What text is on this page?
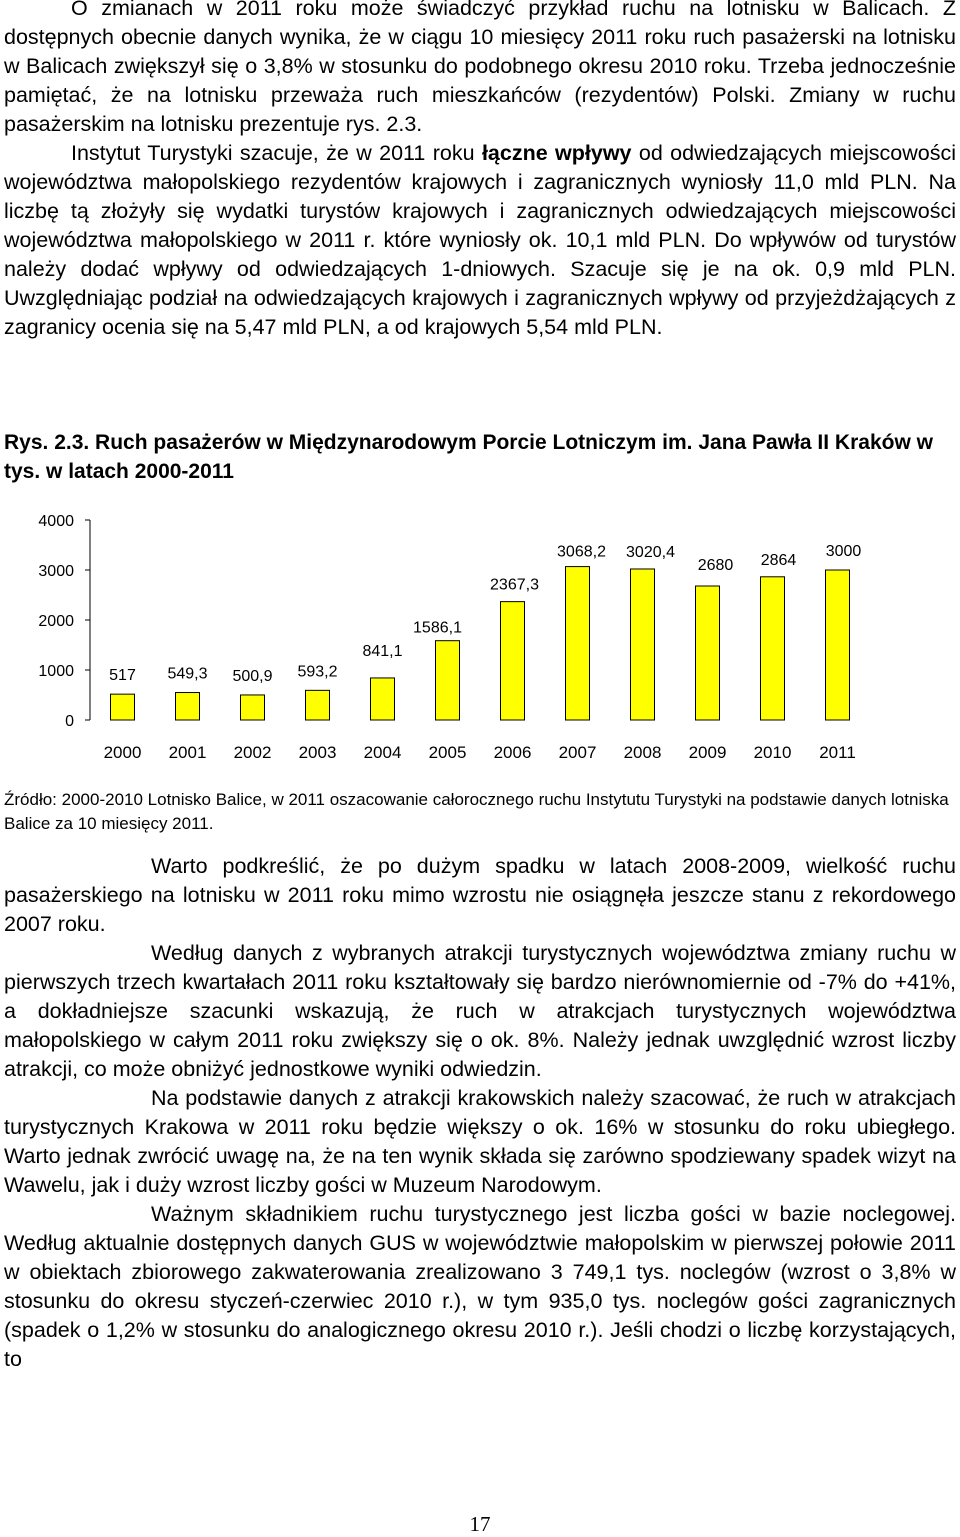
O zmianach w 2011 roku może świadczyć przykład ruchu na lotnisku w Balicach. Z dostępnych obecnie danych wynika, że w ciągu 10 miesięcy 2011 roku ruch pasażerski na lotnisku w Balicach zwiększył się o 3,8% w stosunku do podobnego okresu 2010 roku. Trzeba jednocześnie pamiętać, że na lotnisku przeważa ruch mieszkańców (rezydentów) Polski. Zmiany w ruchu pasażerskim na lotnisku prezentuje rys. 2.3.

Instytut Turystyki szacuje, że w 2011 roku łączne wpływy od odwiedzających miejscowości województwa małopolskiego rezydentów krajowych i zagranicznych wyniosły 11,0 mld PLN. Na liczbę tą złożyły się wydatki turystów krajowych i zagranicznych odwiedzających miejscowości województwa małopolskiego w 2011 r. które wyniosły ok. 10,1 mld PLN. Do wpływów od turystów należy dodać wpływy od odwiedzających 1-dniowych. Szacuje się je na ok. 0,9 mld PLN. Uwzględniając podział na odwiedzających krajowych i zagranicznych wpływy od przyjeżdżających z zagranicy ocenia się na 5,47 mld PLN, a od krajowych 5,54 mld PLN.

Rys. 2.3. Ruch pasażerów w Międzynarodowym Porcie Lotniczym im. Jana Pawła II Kraków w tys. w latach 2000-2011

0
1000
2000
3000
4000
517 549,3 500,9 593,2
841,1
1586,1
2367,3
3068,2 3020,4
2680 2864
3000
2000 2001 2002 2003 2004 2005 2006 2007 2008 2009 2010 2011

Źródło: 2000-2010 Lotnisko Balice, w 2011 oszacowanie całorocznego ruchu Instytutu Turystyki na podstawie danych lotniska Balice za 10 miesięcy 2011.

Warto podkreślić, że po dużym spadku w latach 2008-2009, wielkość ruchu pasażerskiego na lotnisku w 2011 roku mimo wzrostu nie osiągnęła jeszcze stanu z rekordowego 2007 roku.

Według danych z wybranych atrakcji turystycznych województwa zmiany ruchu w pierwszych trzech kwartałach 2011 roku kształtowały się bardzo nierównomiernie od -7% do +41%, a dokładniejsze szacunki wskazują, że ruch w atrakcjach turystycznych województwa małopolskiego w całym 2011 roku zwiększy się o ok. 8%. Należy jednak uwzględnić wzrost liczby atrakcji, co może obniżyć jednostkowe wyniki odwiedzin.

Na podstawie danych z atrakcji krakowskich należy szacować, że ruch w atrakcjach turystycznych Krakowa w 2011 roku będzie większy o ok. 16% w stosunku do roku ubiegłego. Warto jednak zwrócić uwagę na, że na ten wynik składa się zarówno spodziewany spadek wizyt na Wawelu, jak i duży wzrost liczby gości w Muzeum Narodowym.

Ważnym składnikiem ruchu turystycznego jest liczba gości w bazie noclegowej. Według aktualnie dostępnych danych GUS w województwie małopolskim w pierwszej połowie 2011 w obiektach zbiorowego zakwaterowania zrealizowano 3 749,1 tys. noclegów (wzrost o 3,8% w stosunku do okresu styczeń-czerwiec 2010 r.), w tym 935,0 tys. noclegów gości zagranicznych (spadek o 1,2% w stosunku do analogicznego okresu 2010 r.). Jeśli chodzi o liczbę korzystających, to

17
